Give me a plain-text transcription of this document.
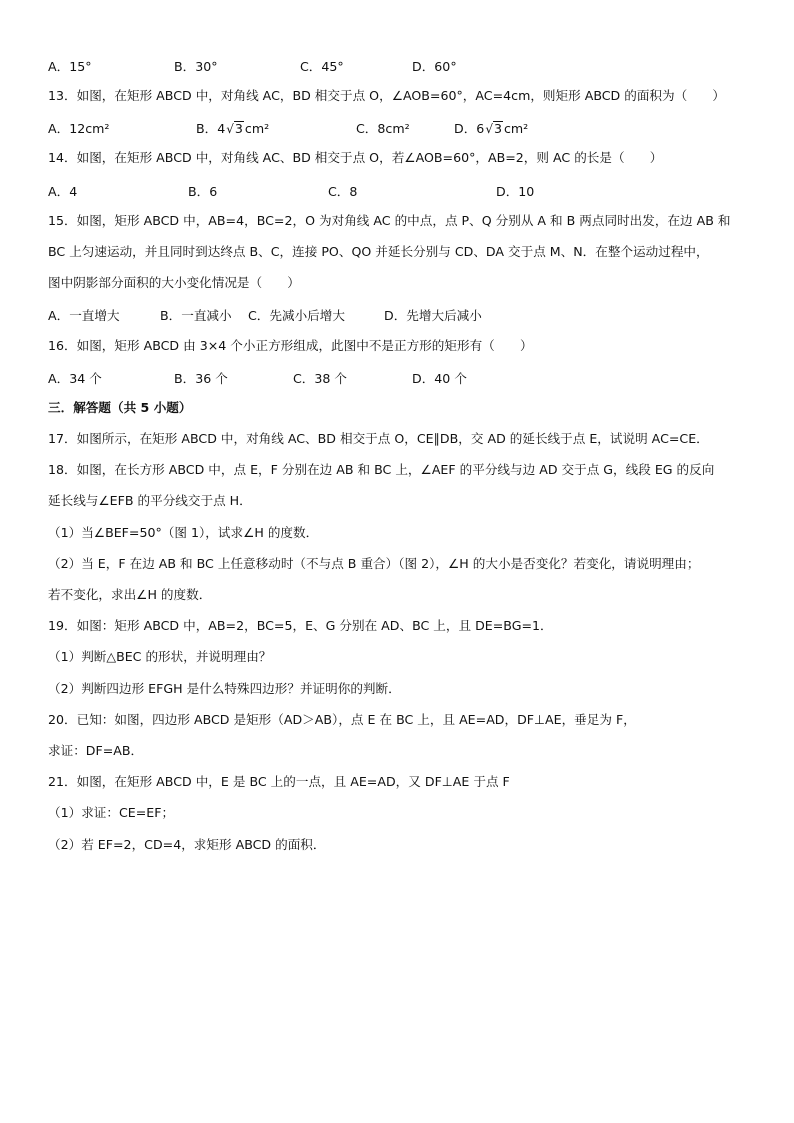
A．15°	B．30°	C．45°	D．60°
13．如图，在矩形 ABCD 中，对角线 AC，BD 相交于点 O，∠AOB=60°，AC=4cm，则矩形 ABCD 的面积为（　　）
A．12cm²	B．4√3 cm²	C．8cm²	D．6√3 cm²
14．如图，在矩形 ABCD 中，对角线 AC、BD 相交于点 O，若∠AOB=60°，AB=2，则 AC 的长是（　　）
A．4	B．6	C．8	D．10
15．如图，矩形 ABCD 中，AB=4，BC=2，O 为对角线 AC 的中点，点 P、Q 分别从 A 和 B 两点同时出发，在边 AB 和
BC 上匀速运动，并且同时到达终点 B、C，连接 PO、QO 并延长分别与 CD、DA 交于点 M、N．在整个运动过程中，
图中阴影部分面积的大小变化情况是（　　）
A．一直增大	B．一直减小 C．先减小后增大	D．先增大后减小
16．如图，矩形 ABCD 由 3×4 个小正方形组成，此图中不是正方形的矩形有（　　）
A．34 个	B．36 个	C．38 个	D．40 个
三．解答题（共 5 小题）
17．如图所示，在矩形 ABCD 中，对角线 AC、BD 相交于点 O，CE∥DB，交 AD 的延长线于点 E，试说明 AC=CE．
18．如图，在长方形 ABCD 中，点 E，F 分别在边 AB 和 BC 上，∠AEF 的平分线与边 AD 交于点 G，线段 EG 的反向
延长线与∠EFB 的平分线交于点 H．
（1）当∠BEF=50°（图 1），试求∠H 的度数．
（2）当 E，F 在边 AB 和 BC 上任意移动时（不与点 B 重合）（图 2），∠H 的大小是否变化？若变化，请说明理由；
若不变化，求出∠H 的度数．
19．如图：矩形 ABCD 中，AB=2，BC=5，E、G 分别在 AD、BC 上，且 DE=BG=1．
（1）判断△BEC 的形状，并说明理由？
（2）判断四边形 EFGH 是什么特殊四边形？并证明你的判断．
20．已知：如图，四边形 ABCD 是矩形（AD＞AB），点 E 在 BC 上，且 AE=AD，DF⊥AE，垂足为 F，
求证：DF=AB．
21．如图，在矩形 ABCD 中，E 是 BC 上的一点，且 AE=AD，又 DF⊥AE 于点 F
（1）求证：CE=EF；
（2）若 EF=2，CD=4，求矩形 ABCD 的面积．
